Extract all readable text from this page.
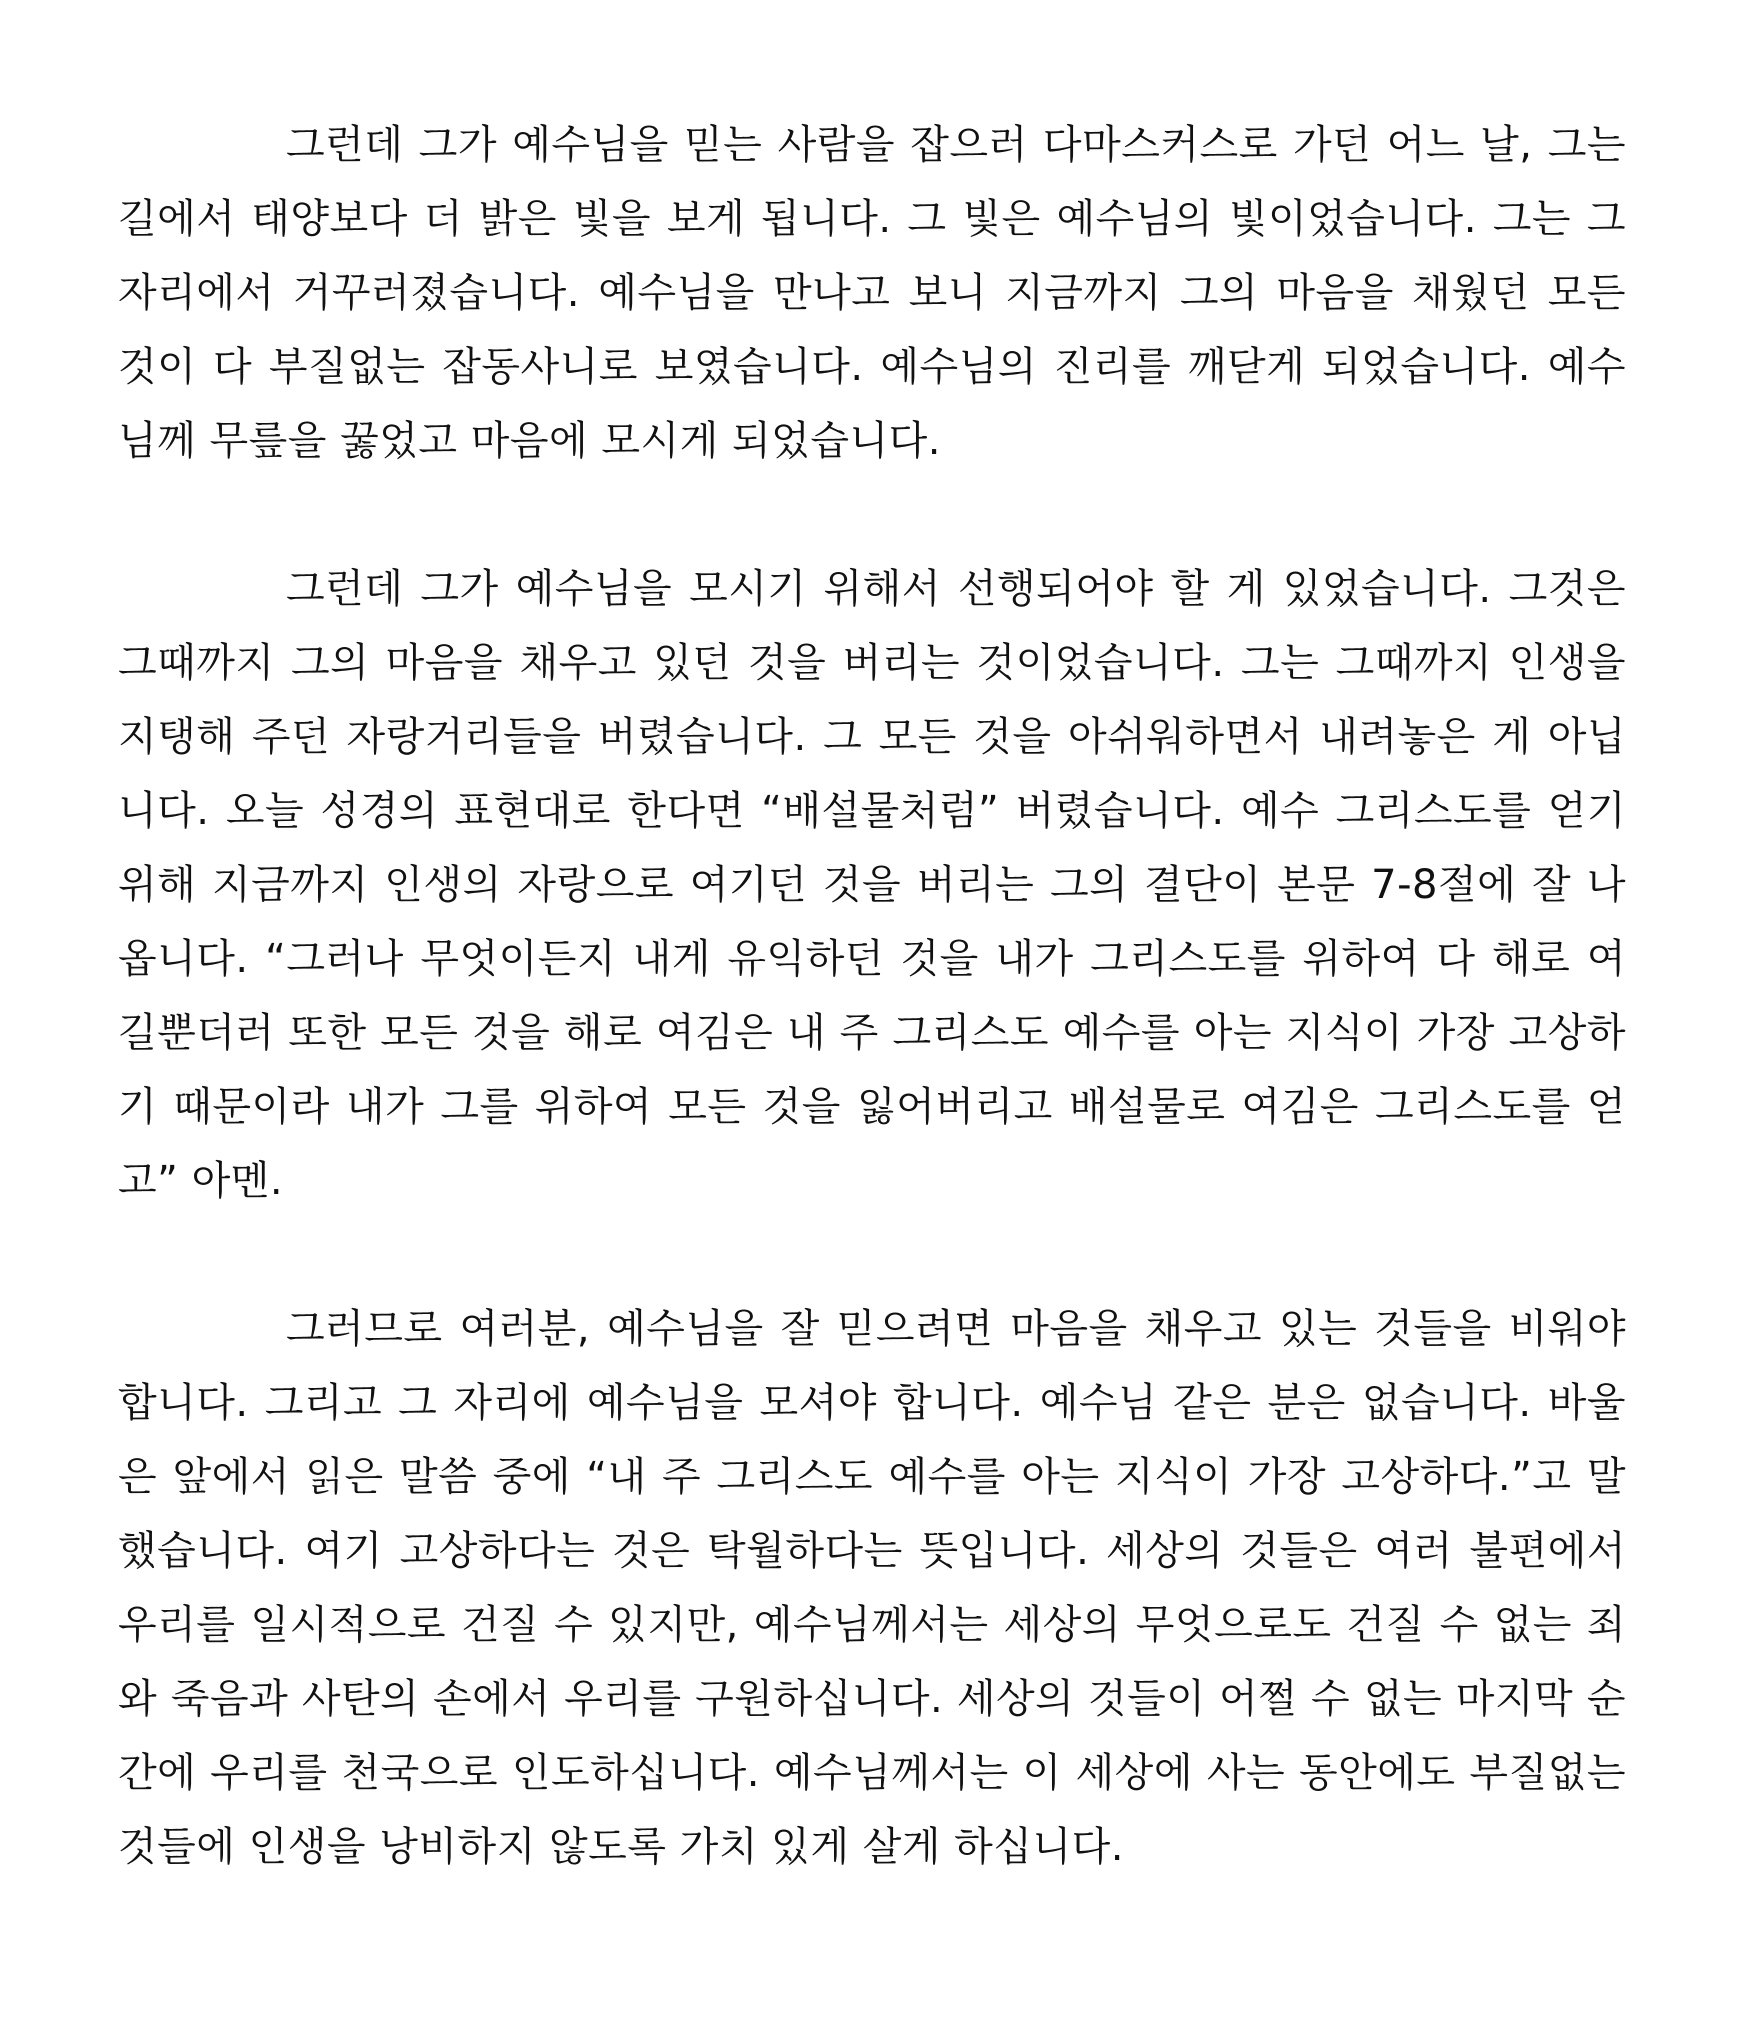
그런데 그가 예수님을 믿는 사람을 잡으러 다마스커스로 가던 어느 날, 그는 길에서 태양보다 더 밝은 빛을 보게 됩니다. 그 빛은 예수님의 빛이었습니다. 그는 그 자리에서 거꾸러졌습니다. 예수님을 만나고 보니 지금까지 그의 마음을 채웠던 모든 것이 다 부질없는 잡동사니로 보였습니다. 예수님의 진리를 깨닫게 되었습니다. 예수님께 무릎을 꿇었고 마음에 모시게 되었습니다.

그런데 그가 예수님을 모시기 위해서 선행되어야 할 게 있었습니다. 그것은 그때까지 그의 마음을 채우고 있던 것을 버리는 것이었습니다. 그는 그때까지 인생을 지탱해 주던 자랑거리들을 버렸습니다. 그 모든 것을 아쉬워하면서 내려놓은 게 아닙니다. 오늘 성경의 표현대로 한다면 “배설물처럼” 버렸습니다. 예수 그리스도를 얻기 위해 지금까지 인생의 자랑으로 여기던 것을 버리는 그의 결단이 본문 7-8절에 잘 나옵니다. “그러나 무엇이든지 내게 유익하던 것을 내가 그리스도를 위하여 다 해로 여길뿐더러 또한 모든 것을 해로 여김은 내 주 그리스도 예수를 아는 지식이 가장 고상하기 때문이라 내가 그를 위하여 모든 것을 잃어버리고 배설물로 여김은 그리스도를 얻고” 아멘.

그러므로 여러분, 예수님을 잘 믿으려면 마음을 채우고 있는 것들을 비워야 합니다. 그리고 그 자리에 예수님을 모셔야 합니다. 예수님 같은 분은 없습니다. 바울은 앞에서 읽은 말씀 중에 “내 주 그리스도 예수를 아는 지식이 가장 고상하다.”고 말했습니다. 여기 고상하다는 것은 탁월하다는 뜻입니다. 세상의 것들은 여러 불편에서 우리를 일시적으로 건질 수 있지만, 예수님께서는 세상의 무엇으로도 건질 수 없는 죄와 죽음과 사탄의 손에서 우리를 구원하십니다. 세상의 것들이 어쩔 수 없는 마지막 순간에 우리를 천국으로 인도하십니다. 예수님께서는 이 세상에 사는 동안에도 부질없는 것들에 인생을 낭비하지 않도록 가치 있게 살게 하십니다.
